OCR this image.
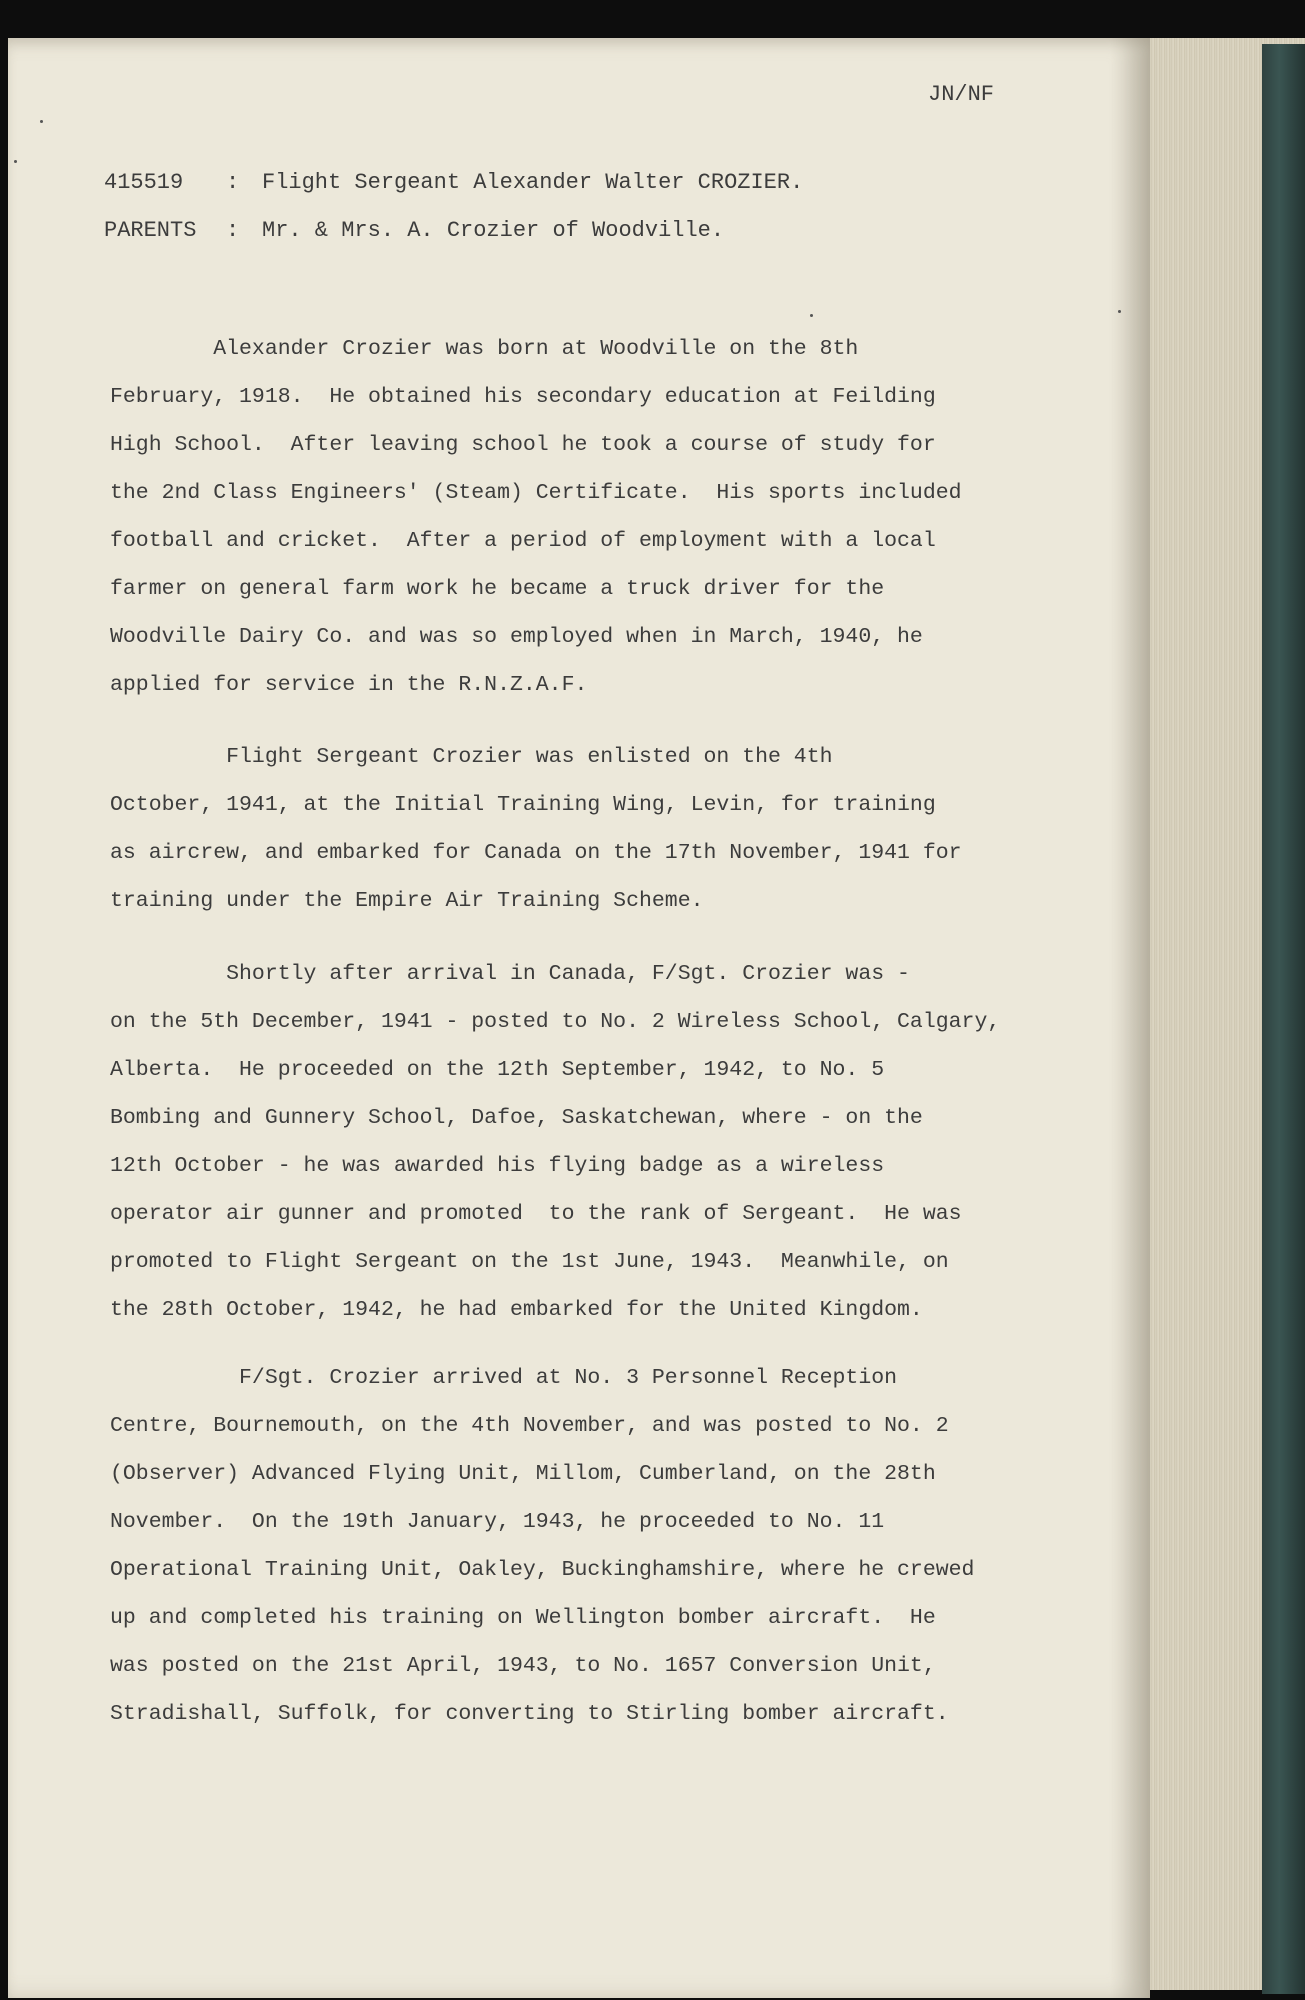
JN/NF

415519 : Flight Sergeant Alexander Walter CROZIER.

PARENTS : Mr. & Mrs. A. Crozier of Woodville.

Alexander Crozier was born at Woodville on the 8th
February, 1918.  He obtained his secondary education at Feilding
High School.  After leaving school he took a course of study for
the 2nd Class Engineers' (Steam) Certificate.  His sports included
football and cricket.  After a period of employment with a local
farmer on general farm work he became a truck driver for the
Woodville Dairy Co. and was so employed when in March, 1940, he
applied for service in the R.N.Z.A.F.
Flight Sergeant Crozier was enlisted on the 4th
October, 1941, at the Initial Training Wing, Levin, for training
as aircrew, and embarked for Canada on the 17th November, 1941 for
training under the Empire Air Training Scheme.
Shortly after arrival in Canada, F/Sgt. Crozier was -
on the 5th December, 1941 - posted to No. 2 Wireless School, Calgary,
Alberta.  He proceeded on the 12th September, 1942, to No. 5
Bombing and Gunnery School, Dafoe, Saskatchewan, where - on the
12th October - he was awarded his flying badge as a wireless
operator air gunner and promoted  to the rank of Sergeant.  He was
promoted to Flight Sergeant on the 1st June, 1943.  Meanwhile, on
the 28th October, 1942, he had embarked for the United Kingdom.
F/Sgt. Crozier arrived at No. 3 Personnel Reception
Centre, Bournemouth, on the 4th November, and was posted to No. 2
(Observer) Advanced Flying Unit, Millom, Cumberland, on the 28th
November.  On the 19th January, 1943, he proceeded to No. 11
Operational Training Unit, Oakley, Buckinghamshire, where he crewed
up and completed his training on Wellington bomber aircraft.  He
was posted on the 21st April, 1943, to No. 1657 Conversion Unit,
Stradishall, Suffolk, for converting to Stirling bomber aircraft.
